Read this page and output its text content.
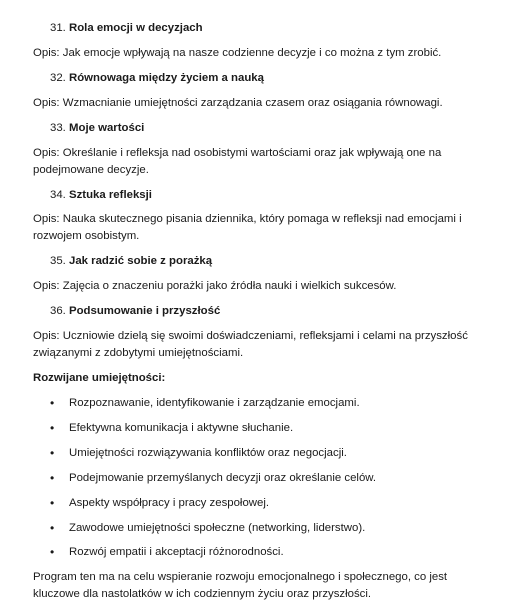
31. Rola emocji w decyzjach

Opis: Jak emocje wpływają na nasze codzienne decyzje i co można z tym zrobić.

32. Równowaga między życiem a nauką

Opis: Wzmacnianie umiejętności zarządzania czasem oraz osiągania równowagi.

33. Moje wartości

Opis: Określanie i refleksja nad osobistymi wartościami oraz jak wpływają one na podejmowane decyzje.

34. Sztuka refleksji

Opis: Nauka skutecznego pisania dziennika, który pomaga w refleksji nad emocjami i rozwojem osobistym.

35. Jak radzić sobie z porażką

Opis: Zajęcia o znaczeniu porażki jako źródła nauki i wielkich sukcesów.

36. Podsumowanie i przyszłość

Opis: Uczniowie dzielą się swoimi doświadczeniami, refleksjami i celami na przyszłość związanymi z zdobytymi umiejętnościami.

Rozwijane umiejętności:

• Rozpoznawanie, identyfikowanie i zarządzanie emocjami.
• Efektywna komunikacja i aktywne słuchanie.
• Umiejętności rozwiązywania konfliktów oraz negocjacji.
• Podejmowanie przemyślanych decyzji oraz określanie celów.
• Aspekty współpracy i pracy zespołowej.
• Zawodowe umiejętności społeczne (networking, liderstwo).
• Rozwój empatii i akceptacji różnorodności.

Program ten ma na celu wspieranie rozwoju emocjonalnego i społecznego, co jest kluczowe dla nastolatków w ich codziennym życiu oraz przyszłości.
